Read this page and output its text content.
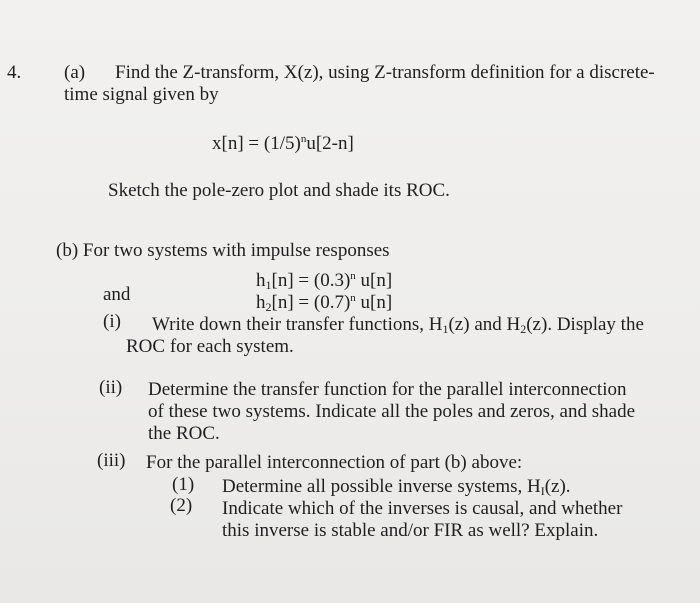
4. (a) Find the Z-transform, X(z), using Z-transform definition for a discrete-
time signal given by
$x[n] = (1/5)^nu[2-n]$
Sketch the pole-zero plot and shade its ROC.
(b) For two systems with impulse responses
$h_1[n] = (0.3)^n$ u[n]
and	$h_2[n] = (0.7)^n$ u[n]
(i) Write down their transfer functions, $H_1(z)$ and $H_2(z)$. Display the
ROC for each system.
(ii) Determine the transfer function for the parallel interconnection
of these two systems. Indicate all the poles and zeros, and shade
the ROC.
(iii) For the parallel interconnection of part (b) above:
(1) Determine all possible inverse systems, $H_I(z)$.
(2) Indicate which of the inverses is causal, and whether
this inverse is stable and/or FIR as well? Explain.
